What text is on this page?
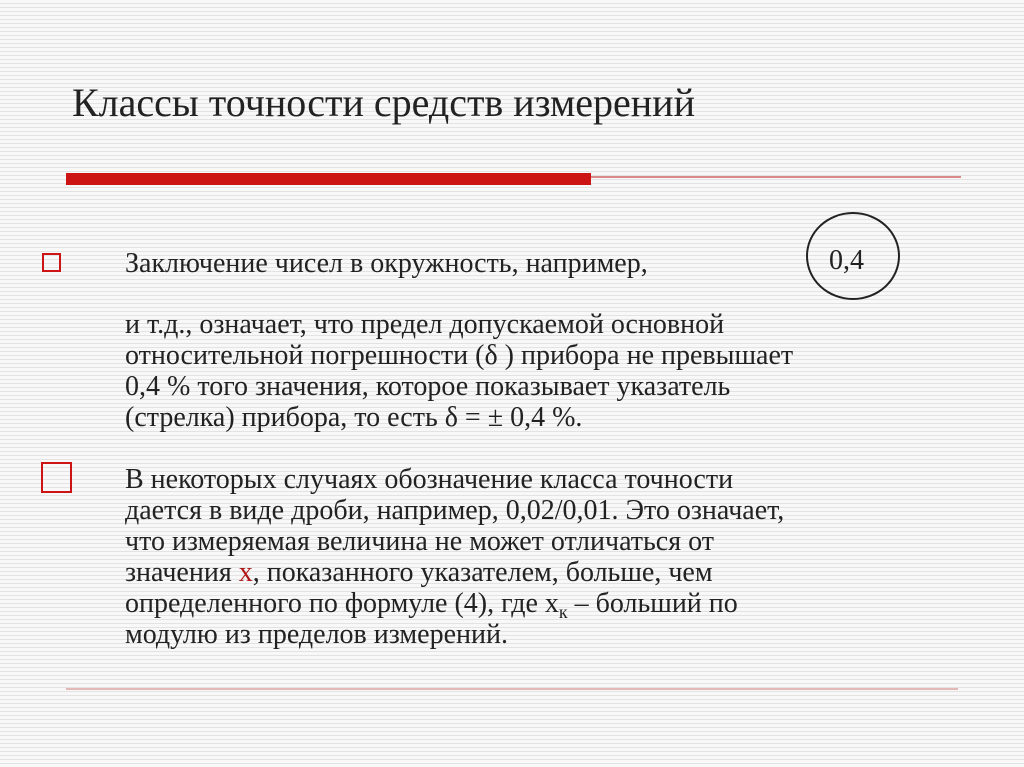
Классы точности средств измерений
Заключение чисел в окружность, например,	0,4
и т.д., означает, что предел допускаемой основной
относительной погрешности (δ ) прибора не превышает
0,4 % того значения, которое показывает указатель
(стрелка) прибора, то есть δ = ± 0,4 %.
В некоторых случаях обозначение класса точности
дается в виде дроби, например, 0,02/0,01. Это означает,
что измеряемая величина не может отличаться от
значения x, показанного указателем, больше, чем
определенного по формуле (4), где $x_к$ – больший по
модулю из пределов измерений.
